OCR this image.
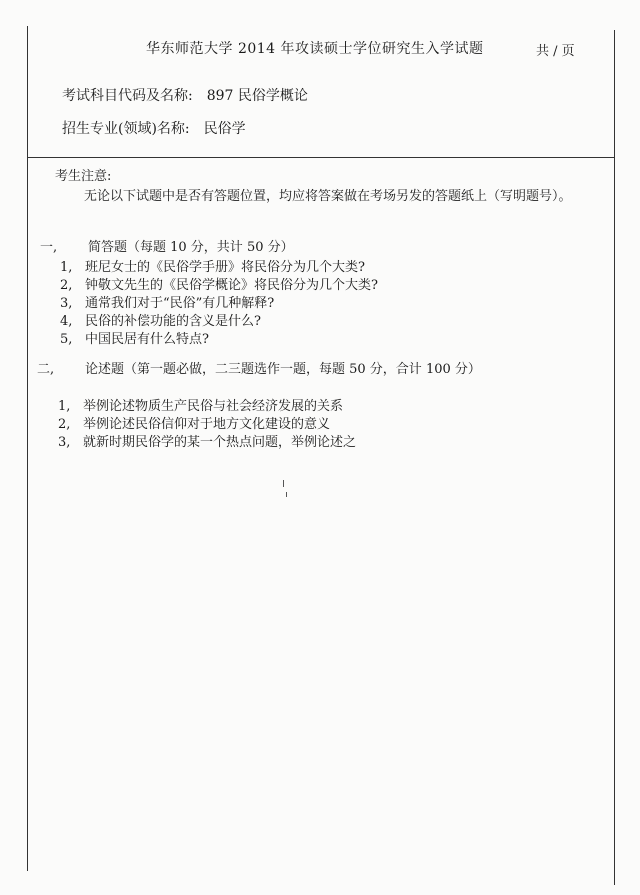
华东师范大学 2014 年攻读硕士学位研究生入学试题	共 / 页
考试科目代码及名称: 897 民俗学概论
招生专业(领域)名称: 民俗学
考生注意:
无论以下试题中是否有答题位置，均应将答案做在考场另发的答题纸上（写明题号）。
一, 简答题（每题 10 分，共计 50 分）
1, 班尼女士的《民俗学手册》将民俗分为几个大类?
2, 钟敬文先生的《民俗学概论》将民俗分为几个大类?
3, 通常我们对于“民俗”有几种解释?
4, 民俗的补偿功能的含义是什么?
5, 中国民居有什么特点?
二, 论述题（第一题必做，二三题选作一题，每题 50 分，合计 100 分）
1, 举例论述物质生产民俗与社会经济发展的关系
2, 举例论述民俗信仰对于地方文化建设的意义
3, 就新时期民俗学的某一个热点问题，举例论述之
